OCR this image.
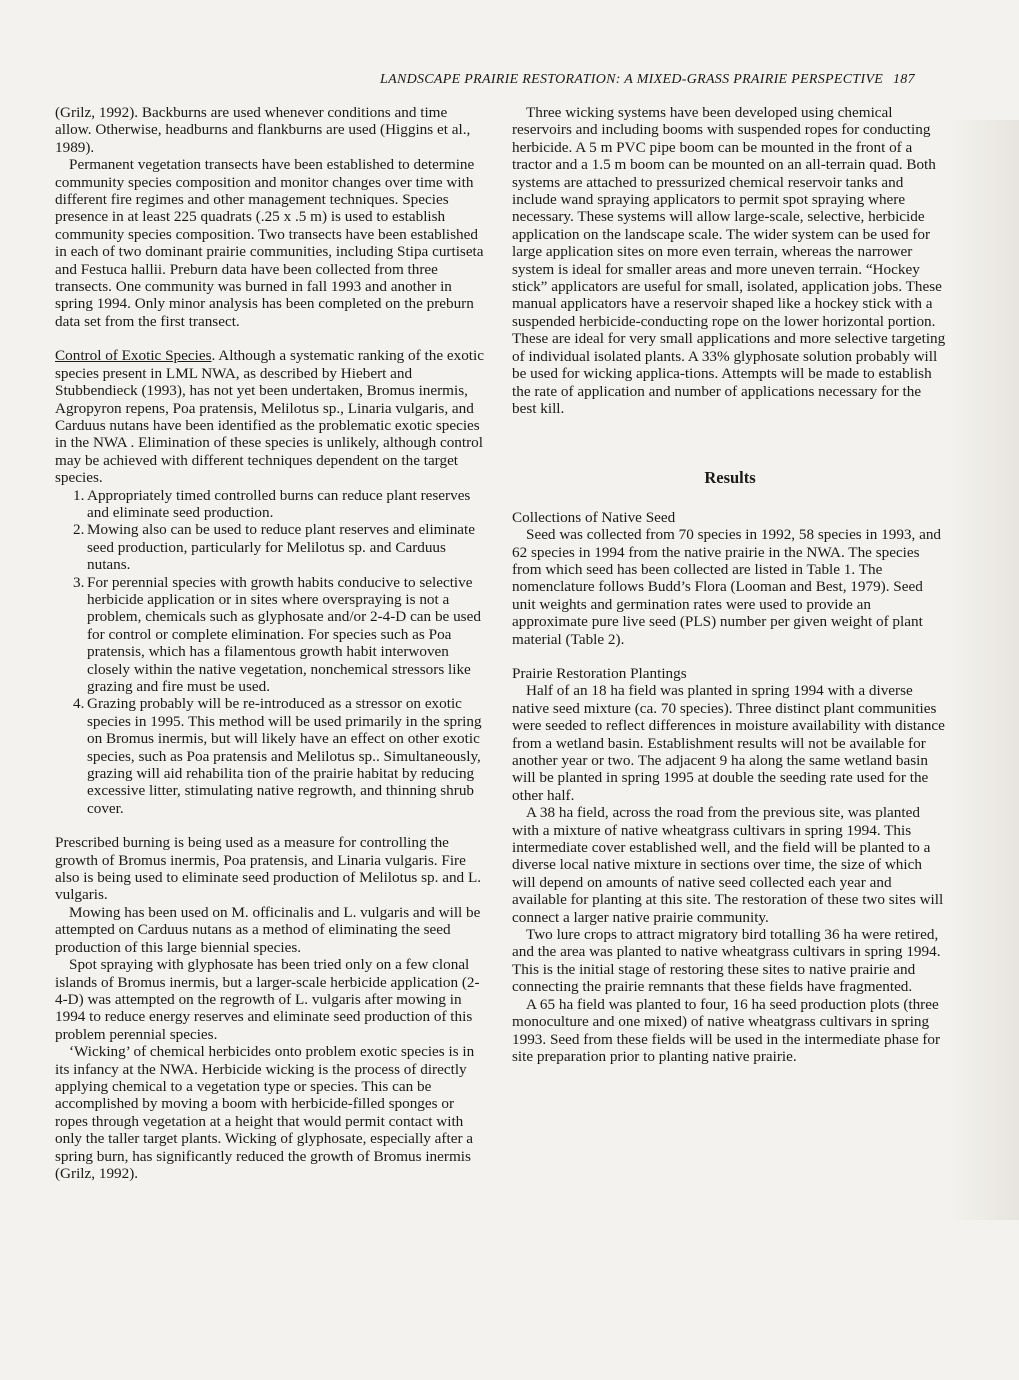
LANDSCAPE PRAIRIE RESTORATION: A MIXED-GRASS PRAIRIE PERSPECTIVE 187

(Grilz, 1992). Backburns are used whenever conditions and time allow. Otherwise, headburns and flankburns are used (Higgins et al., 1989).

Permanent vegetation transects have been established to determine community species composition and monitor changes over time with different fire regimes and other management techniques. Species presence in at least 225 quadrats (.25 x .5 m) is used to establish community species composition. Two transects have been established in each of two dominant prairie communities, including Stipa curtiseta and Festuca hallii. Preburn data have been collected from three transects. One community was burned in fall 1993 and another in spring 1994. Only minor analysis has been completed on the preburn data set from the first transect.

Control of Exotic Species. Although a systematic ranking of the exotic species present in LML NWA, as described by Hiebert and Stubbendieck (1993), has not yet been undertaken, Bromus inermis, Agropyron repens, Poa pratensis, Melilotus sp., Linaria vulgaris, and Carduus nutans have been identified as the problematic exotic species in the NWA . Elimination of these species is unlikely, although control may be achieved with different techniques dependent on the target species.

1. Appropriately timed controlled burns can reduce plant reserves and eliminate seed production.
2. Mowing also can be used to reduce plant reserves and eliminate seed production, particularly for Melilotus sp. and Carduus nutans.
3. For perennial species with growth habits conducive to selective herbicide application or in sites where overspraying is not a problem, chemicals such as glyphosate and/or 2-4-D can be used for control or complete elimination. For species such as Poa pratensis, which has a filamentous growth habit interwoven closely within the native vegetation, nonchemical stressors like grazing and fire must be used.
4. Grazing probably will be re-introduced as a stressor on exotic species in 1995. This method will be used primarily in the spring on Bromus inermis, but will likely have an effect on other exotic species, such as Poa pratensis and Melilotus sp.. Simultaneously, grazing will aid rehabilita tion of the prairie habitat by reducing excessive litter, stimulating native regrowth, and thinning shrub cover.

Prescribed burning is being used as a measure for controlling the growth of Bromus inermis, Poa pratensis, and Linaria vulgaris. Fire also is being used to eliminate seed production of Melilotus sp. and L. vulgaris.

Mowing has been used on M. officinalis and L. vulgaris and will be attempted on Carduus nutans as a method of eliminating the seed production of this large biennial species.

Spot spraying with glyphosate has been tried only on a few clonal islands of Bromus inermis, but a larger-scale herbicide application (2-4-D) was attempted on the regrowth of L. vulgaris after mowing in 1994 to reduce energy reserves and eliminate seed production of this problem perennial species.

‘Wicking’ of chemical herbicides onto problem exotic species is in its infancy at the NWA. Herbicide wicking is the process of directly applying chemical to a vegetation type or species. This can be accomplished by moving a boom with herbicide-filled sponges or ropes through vegetation at a height that would permit contact with only the taller target plants. Wicking of glyphosate, especially after a spring burn, has significantly reduced the growth of Bromus inermis (Grilz, 1992).

Three wicking systems have been developed using chemical reservoirs and including booms with suspended ropes for conducting herbicide. A 5 m PVC pipe boom can be mounted in the front of a tractor and a 1.5 m boom can be mounted on an all-terrain quad. Both systems are attached to pressurized chemical reservoir tanks and include wand spraying applicators to permit spot spraying where necessary. These systems will allow large-scale, selective, herbicide application on the landscape scale. The wider system can be used for large application sites on more even terrain, whereas the narrower system is ideal for smaller areas and more uneven terrain. “Hockey stick” applicators are useful for small, isolated, application jobs. These manual applicators have a reservoir shaped like a hockey stick with a suspended herbicide-conducting rope on the lower horizontal portion. These are ideal for very small applications and more selective targeting of individual isolated plants. A 33% glyphosate solution probably will be used for wicking applica-tions. Attempts will be made to establish the rate of application and number of applications necessary for the best kill.

Results

Collections of Native Seed

Seed was collected from 70 species in 1992, 58 species in 1993, and 62 species in 1994 from the native prairie in the NWA. The species from which seed has been collected are listed in Table 1. The nomenclature follows Budd’s Flora (Looman and Best, 1979). Seed unit weights and germination rates were used to provide an approximate pure live seed (PLS) number per given weight of plant material (Table 2).

Prairie Restoration Plantings

Half of an 18 ha field was planted in spring 1994 with a diverse native seed mixture (ca. 70 species). Three distinct plant communities were seeded to reflect differences in moisture availability with distance from a wetland basin. Establishment results will not be available for another year or two. The adjacent 9 ha along the same wetland basin will be planted in spring 1995 at double the seeding rate used for the other half.

A 38 ha field, across the road from the previous site, was planted with a mixture of native wheatgrass cultivars in spring 1994. This intermediate cover established well, and the field will be planted to a diverse local native mixture in sections over time, the size of which will depend on amounts of native seed collected each year and available for planting at this site. The restoration of these two sites will connect a larger native prairie community.

Two lure crops to attract migratory bird totalling 36 ha were retired, and the area was planted to native wheatgrass cultivars in spring 1994. This is the initial stage of restoring these sites to native prairie and connecting the prairie remnants that these fields have fragmented.

A 65 ha field was planted to four, 16 ha seed production plots (three monoculture and one mixed) of native wheatgrass cultivars in spring 1993. Seed from these fields will be used in the intermediate phase for site preparation prior to planting native prairie.
